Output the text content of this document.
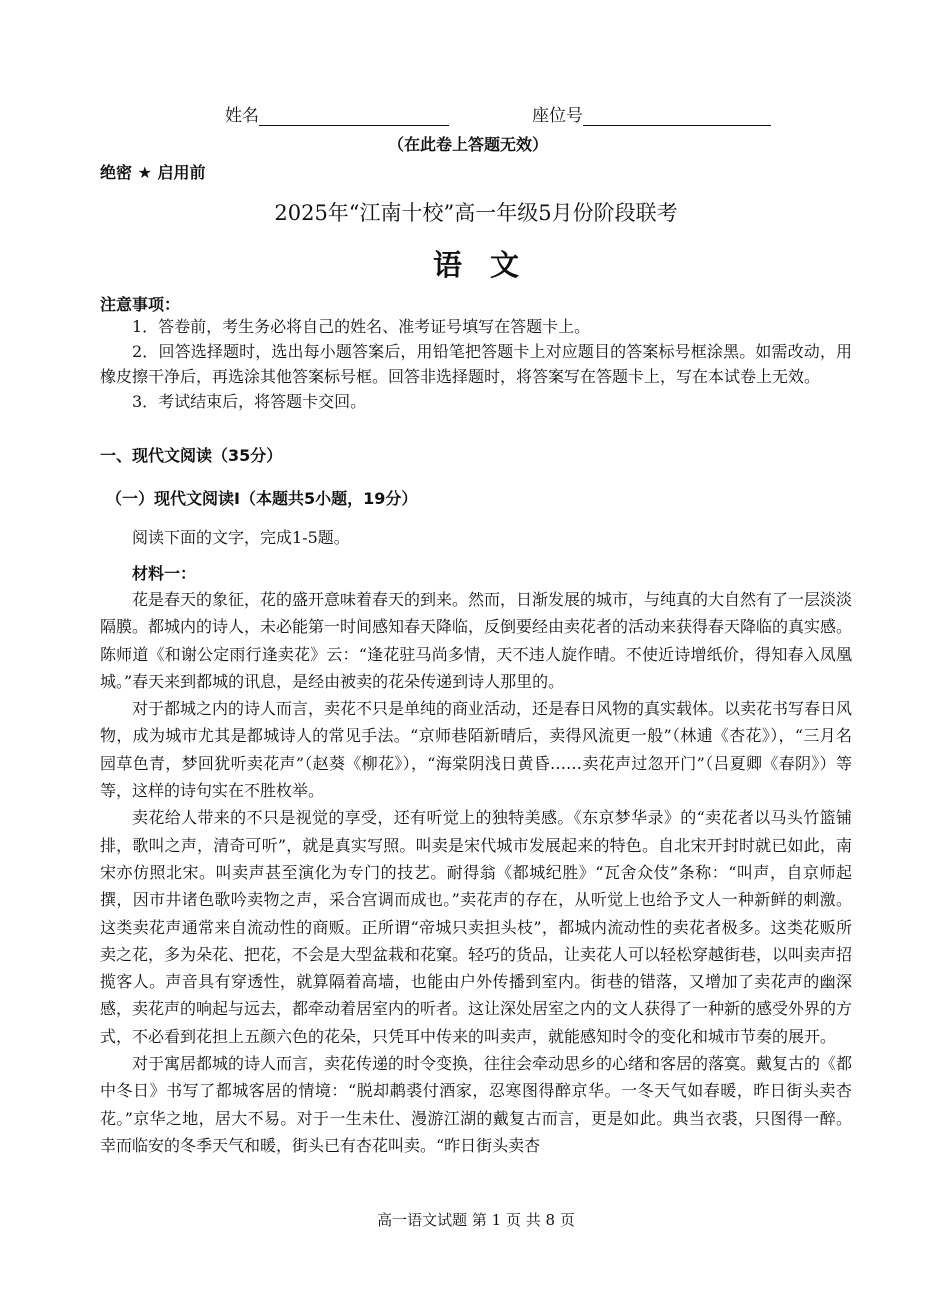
姓名	座位号
（在此卷上答题无效）
绝密 ★ 启用前
2025年“江南十校”高一年级5月份阶段联考
语文
注意事项：

1．答卷前，考生务必将自己的姓名、准考证号填写在答题卡上。

2．回答选择题时，选出每小题答案后，用铅笔把答题卡上对应题目的答案标号框涂黑。如需改动，用橡皮擦干净后，再选涂其他答案标号框。回答非选择题时，将答案写在答题卡上，写在本试卷上无效。

3．考试结束后，将答题卡交回。

一、现代文阅读（35分）
（一）现代文阅读I（本题共5小题，19分）
阅读下面的文字，完成1-5题。
材料一：

花是春天的象征，花的盛开意味着春天的到来。然而，日渐发展的城市，与纯真的大自然有了一层淡淡隔膜。都城内的诗人，未必能第一时间感知春天降临，反倒要经由卖花者的活动来获得春天降临的真实感。陈师道《和谢公定雨行逢卖花》云：“逢花驻马尚多情，天不违人旋作晴。不使近诗增纸价，得知春入凤凰城。”春天来到都城的讯息，是经由被卖的花朵传递到诗人那里的。

对于都城之内的诗人而言，卖花不只是单纯的商业活动，还是春日风物的真实载体。以卖花书写春日风物，成为城市尤其是都城诗人的常见手法。“京师巷陌新晴后，卖得风流更一般”（林逋《杏花》），“三月名园草色青，梦回犹听卖花声”（赵葵《柳花》），“海棠阴浅日黄昏……卖花声过忽开门”（吕夏卿《春阴》）等等，这样的诗句实在不胜枚举。

卖花给人带来的不只是视觉的享受，还有听觉上的独特美感。《东京梦华录》的“卖花者以马头竹篮铺排，歌叫之声，清奇可听”，就是真实写照。叫卖是宋代城市发展起来的特色。自北宋开封时就已如此，南宋亦仿照北宋。叫卖声甚至演化为专门的技艺。耐得翁《都城纪胜》“瓦舍众伎”条称：“叫声，自京师起撰，因市井诸色歌吟卖物之声，采合宫调而成也。”卖花声的存在，从听觉上也给予文人一种新鲜的刺激。这类卖花声通常来自流动性的商贩。正所谓“帝城只卖担头枝”，都城内流动性的卖花者极多。这类花贩所卖之花，多为朵花、把花，不会是大型盆栽和花窠。轻巧的货品，让卖花人可以轻松穿越街巷，以叫卖声招揽客人。声音具有穿透性，就算隔着高墙，也能由户外传播到室内。街巷的错落，又增加了卖花声的幽深感，卖花声的响起与远去，都牵动着居室内的听者。这让深处居室之内的文人获得了一种新的感受外界的方式，不必看到花担上五颜六色的花朵，只凭耳中传来的叫卖声，就能感知时令的变化和城市节奏的展开。

对于寓居都城的诗人而言，卖花传递的时令变换，往往会牵动思乡的心绪和客居的落寞。戴复古的《都中冬日》书写了都城客居的情境：“脱却鹔裘付酒家，忍寒图得醉京华。一冬天气如春暖，昨日街头卖杏花。”京华之地，居大不易。对于一生未仕、漫游江湖的戴复古而言，更是如此。典当衣裘，只图得一醉。幸而临安的冬季天气和暖，街头已有杏花叫卖。“昨日街头卖杏

高一语文试题 第 1 页 共 8 页
